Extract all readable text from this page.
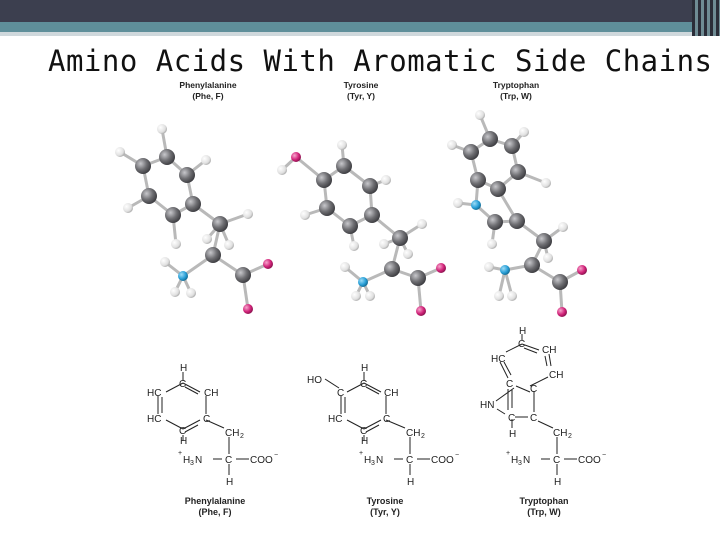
Amino Acids With Aromatic Side Chains
Phenylalanine
(Phe, F)
Tyrosine
(Tyr, Y)
Tryptophan
(Trp, W)
Phenylalanine
(Phe, F)
Tyrosine
(Tyr, Y)
Tryptophan
(Trp, W)
H
C
HC	CH
HC	C
C
H
CH 2
+
H 3 N C COO −
H
H
C
HO
C	CH
HC	C
C
H
CH 2
+
H 3 N C COO −
H
H
C
HC
CH
CH
C C
HN
C C
H	CH 2
+
H 3 N C COO −
H
